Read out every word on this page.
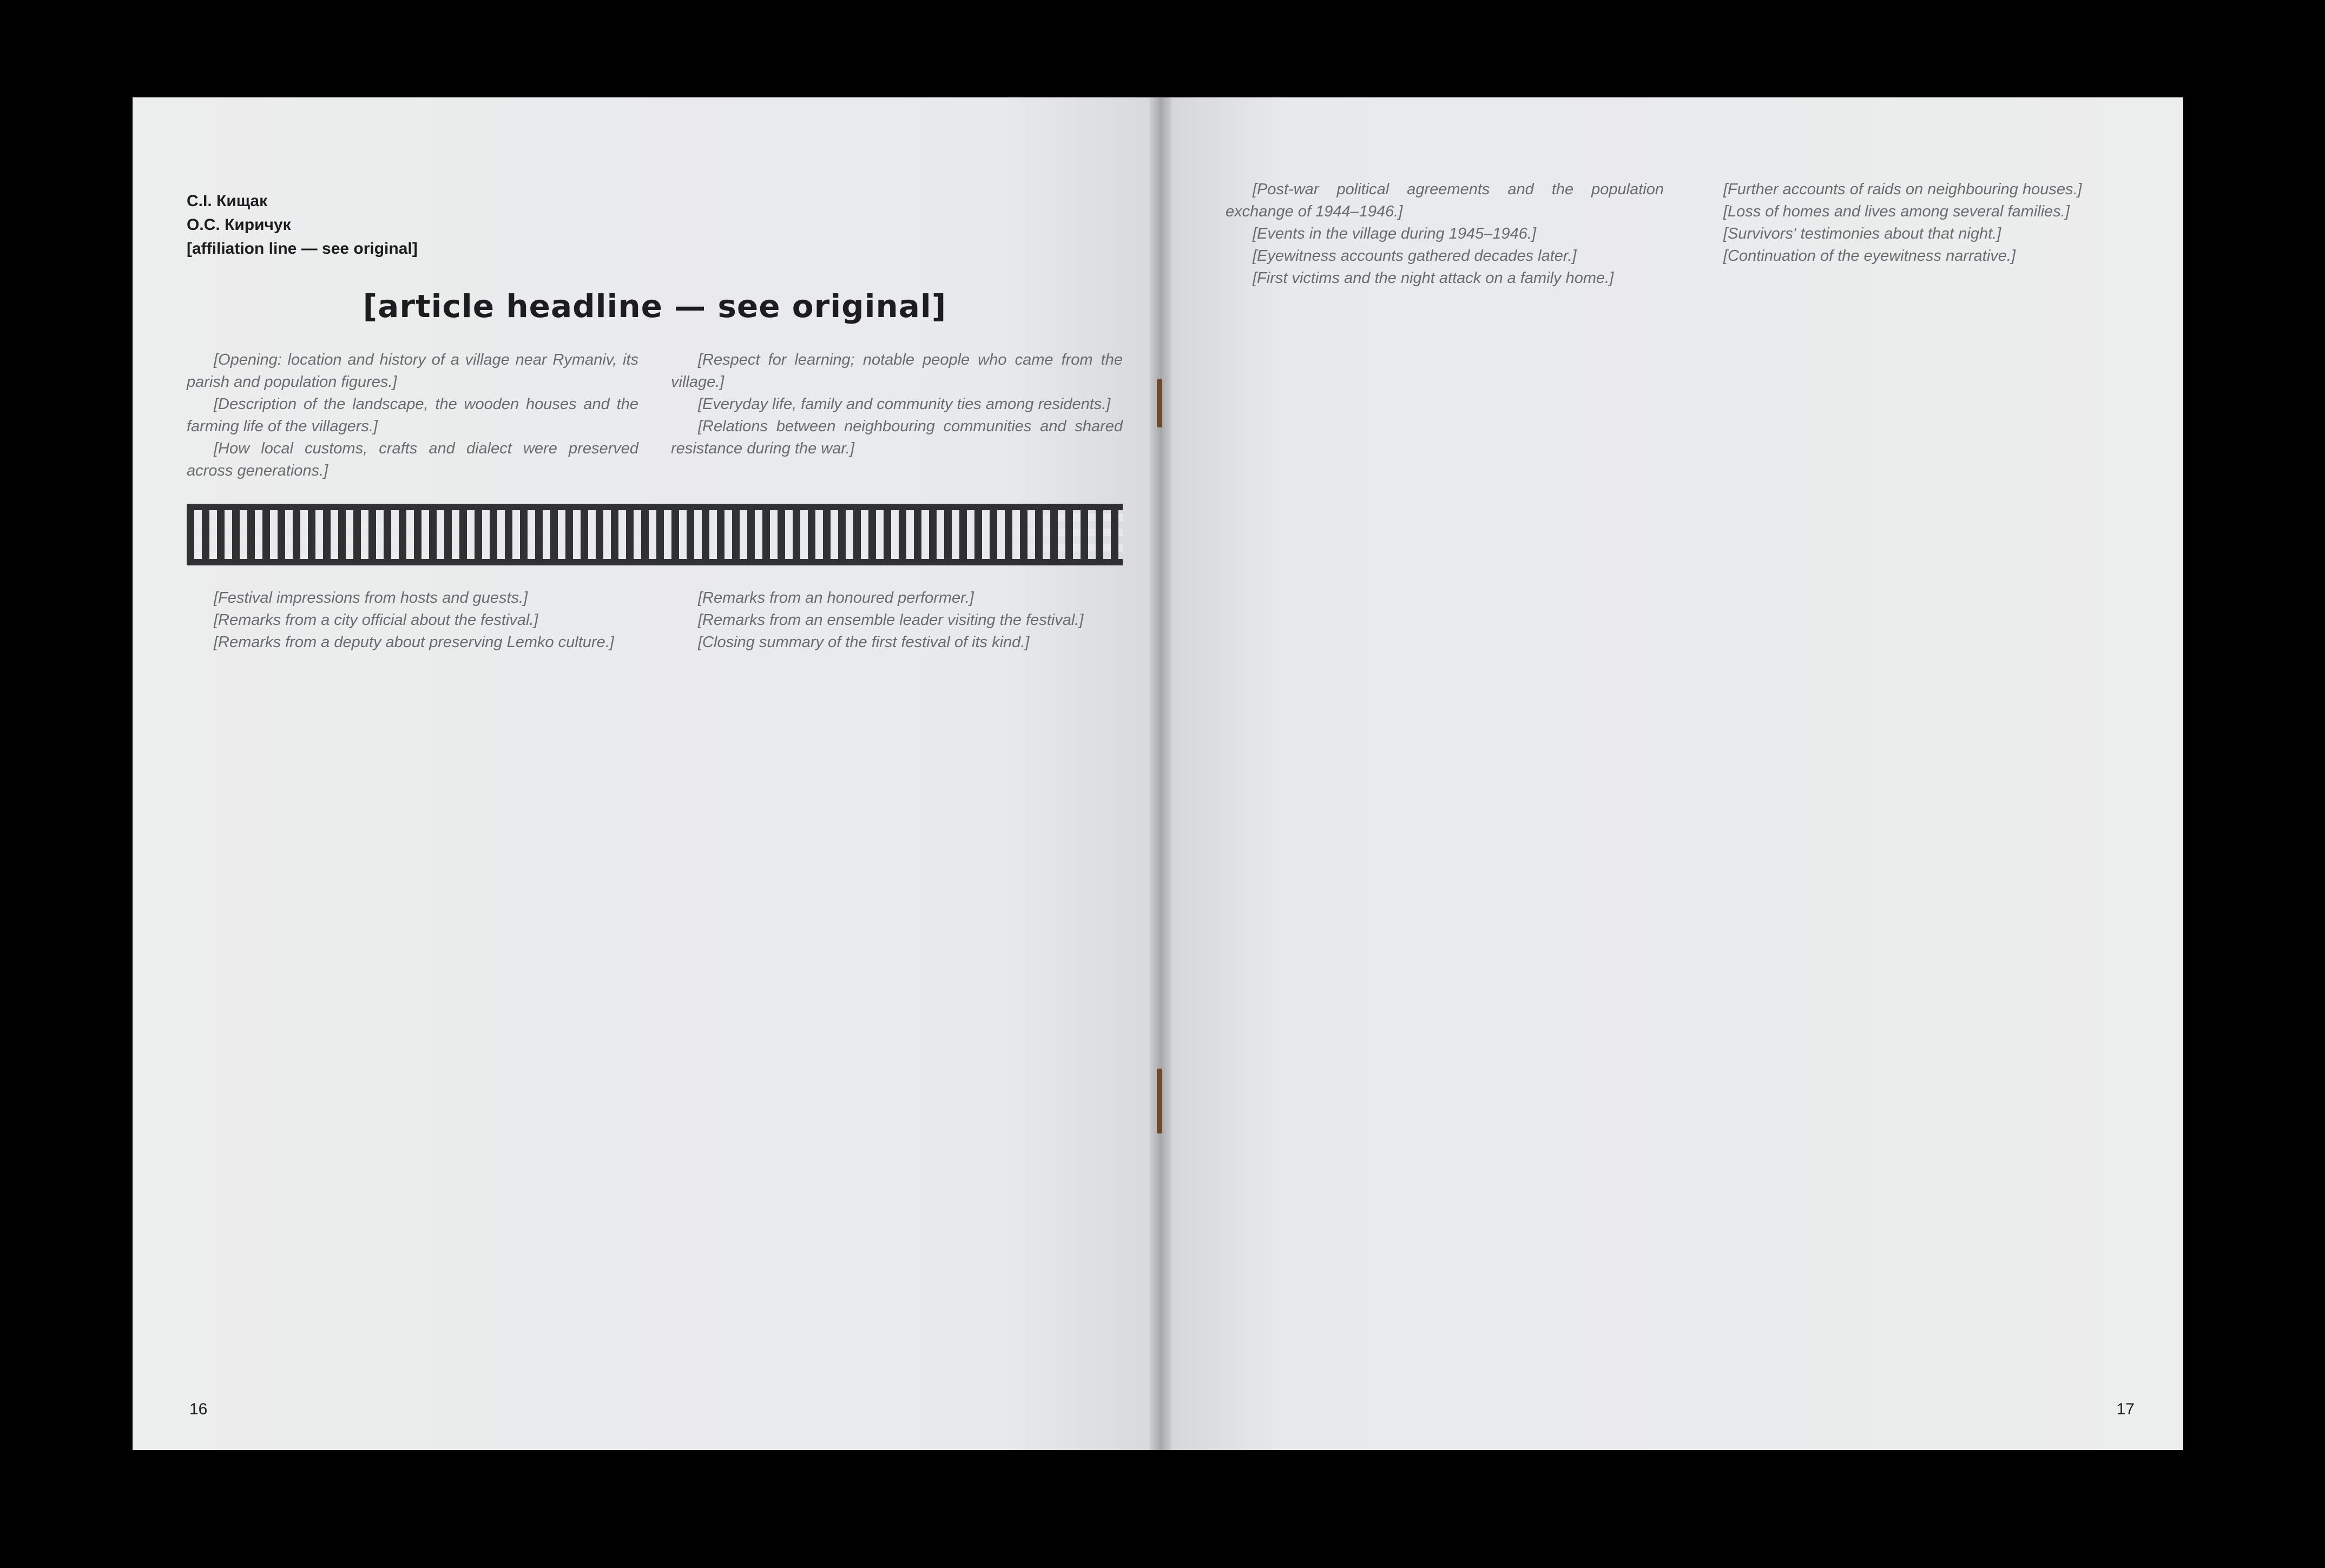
С.І. Кищак
О.С. Киричук
[affiliation line — see original]
[article headline — see original]

[Opening: location and history of a village near Rymaniv, its parish and population figures.]

[Description of the landscape, the wooden houses and the farming life of the villagers.]

[How local customs, crafts and dialect were preserved across generations.]

[Respect for learning; notable people who came from the village.]

[Everyday life, family and community ties among residents.]

[Relations between neighbouring communities and shared resistance during the war.]

[Festival impressions from hosts and guests.]

[Remarks from a city official about the festival.]

[Remarks from a deputy about preserving Lemko culture.]

[Remarks from an honoured performer.]

[Remarks from an ensemble leader visiting the festival.]

[Closing summary of the first festival of its kind.]

16

[Post-war political agreements and the population exchange of 1944–1946.]

[Events in the village during 1945–1946.]

[Eyewitness accounts gathered decades later.]

[First victims and the night attack on a family home.]

[Further accounts of raids on neighbouring houses.]

[Loss of homes and lives among several families.]

[Survivors' testimonies about that night.]

[Continuation of the eyewitness narrative.]

17
